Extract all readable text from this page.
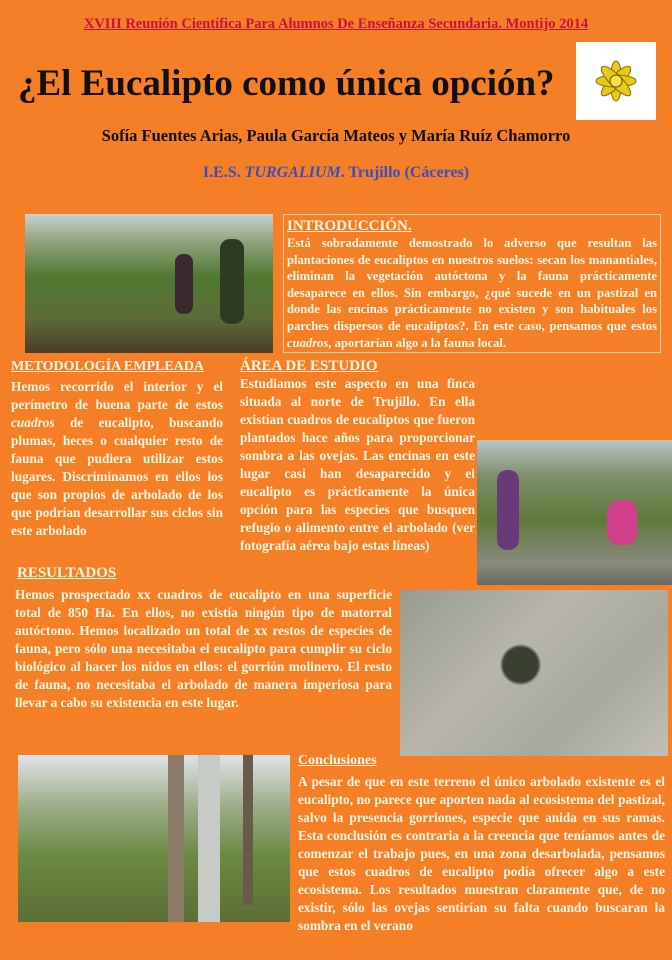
XVIII Reunión Científica Para Alumnos De Enseñanza Secundaria. Montijo 2014
¿El Eucalipto como única opción?
Sofía Fuentes Arias, Paula García Mateos y María Ruíz Chamorro
I.E.S. TURGALIUM. Trujillo (Cáceres)
INTRODUCCIÓN.

Está sobradamente demostrado lo adverso que resultan las plantaciones de eucaliptos en nuestros suelos: secan los manantiales, eliminan la vegetación autóctona y la fauna prácticamente desaparece en ellos. Sin embargo, ¿qué sucede en un pastizal en donde las encinas prácticamente no existen y son habituales los parches dispersos de eucaliptos?. En este caso, pensamos que estos cuadros, aportarían algo a la fauna local.

METODOLOGÍA EMPLEADA

Hemos recorrido el interior y el perímetro de buena parte de estos cuadros de eucalipto, buscando plumas, heces o cualquier resto de fauna que pudiera utilizar estos lugares. Discriminamos en ellos los que son propios de arbolado de los que podrían desarrollar sus ciclos sin este arbolado

ÁREA DE ESTUDIO

Estudiamos este aspecto en una finca situada al norte de Trujillo. En ella existían cuadros de eucaliptos que fueron plantados hace años para proporcionar sombra a las ovejas. Las encinas en este lugar casi han desaparecido y el eucalipto es prácticamente la única opción para las especies que busquen refugio o alimento entre el arbolado (ver fotografía aérea bajo estas líneas)

RESULTADOS

Hemos prospectado xx cuadros de eucalipto en una superficie total de 850 Ha. En ellos, no existía ningún tipo de matorral autóctono. Hemos localizado un total de xx restos de especies de fauna, pero sólo una necesitaba el eucalipto para cumplir su ciclo biológico al hacer los nidos en ellos: el gorrión molinero. El resto de fauna, no necesitaba el arbolado de manera imperiosa para llevar a cabo su existencia en este lugar.

Conclusiones

A pesar de que en este terreno el único arbolado existente es el eucalipto, no parece que aporten nada al ecosistema del pastizal, salvo la presencia gorriones, especie que anida en sus ramas. Esta conclusión es contraria a la creencia que teníamos antes de comenzar el trabajo pues, en una zona desarbolada, pensamos que estos cuadros de eucalipto podía ofrecer algo a este ecosistema. Los resultados muestran claramente que, de no existir, sólo las ovejas sentirían su falta cuando buscaran la sombra en el verano
